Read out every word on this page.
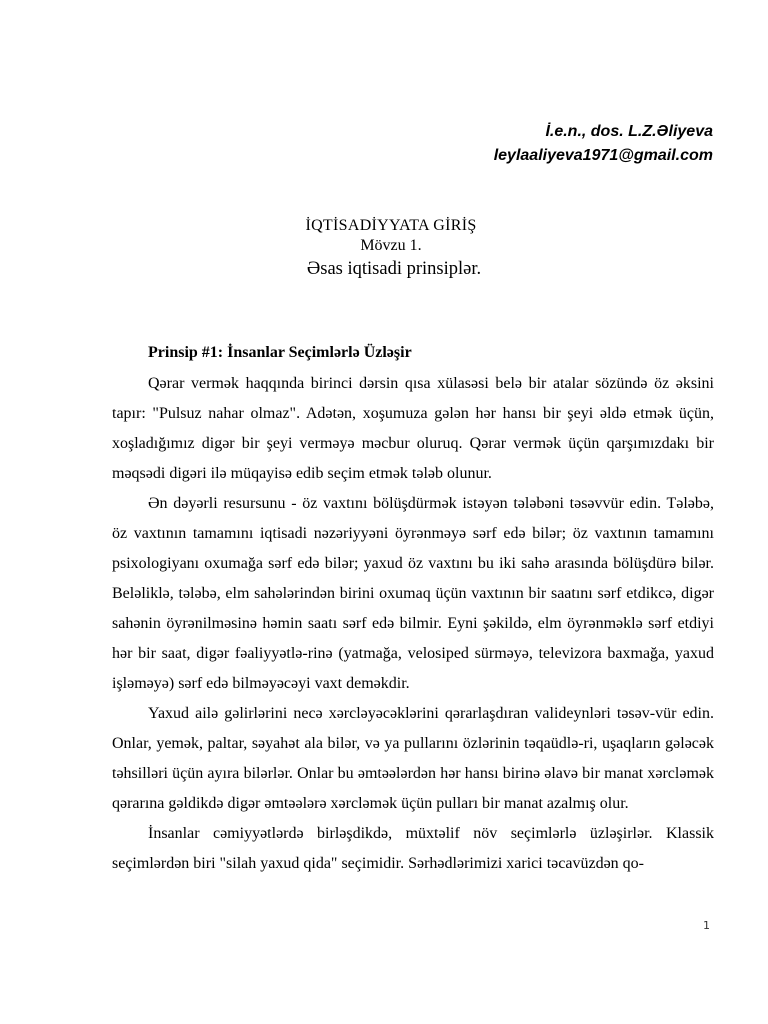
İ.e.n., dos. L.Z.Əliyeva
leylaaliyeva1971@gmail.com
İQTİSADİYYATA GİRİŞ
Mövzu 1.
Əsas iqtisadi prinsiplər.
Prinsip #1: İnsanlar Seçimlərlə Üzləşir

Qərar vermək haqqında birinci dərsin qısa xülasəsi belə bir atalar sözündə öz əksini tapır: "Pulsuz nahar olmaz". Adətən, xoşumuza gələn hər hansı bir şeyi əldə etmək üçün, xoşladığımız digər bir şeyi verməyə məcbur oluruq. Qərar vermək üçün qarşımızdakı bir məqsədi digəri ilə müqayisə edib seçim etmək tələb olunur.

Ən dəyərli resursunu - öz vaxtını bölüşdürmək istəyən tələbəni təsəvvür edin. Tələbə, öz vaxtının tamamını iqtisadi nəzəriyyəni öyrənməyə sərf edə bilər; öz vaxtının tamamını psixologiyanı oxumağa sərf edə bilər; yaxud öz vaxtını bu iki sahə arasında bölüşdürə bilər. Beləliklə, tələbə, elm sahələrindən birini oxumaq üçün vaxtının bir saatını sərf etdikcə, digər sahənin öyrənilməsinə həmin saatı sərf edə bilmir. Eyni şəkildə, elm öyrənməklə sərf etdiyi hər bir saat, digər fəaliyyətlə-rinə (yatmağa, velosiped sürməyə, televizora baxmağa, yaxud işləməyə) sərf edə bilməyəcəyi vaxt deməkdir.

Yaxud ailə gəlirlərini necə xərcləyəcəklərini qərarlaşdıran valideynləri təsəv-vür edin. Onlar, yemək, paltar, səyahət ala bilər, və ya pullarını özlərinin təqaüdlə-ri, uşaqların gələcək təhsilləri üçün ayıra bilərlər. Onlar bu əmtəələrdən hər hansı birinə əlavə bir manat xərcləmək qərarına gəldikdə digər əmtəələrə xərcləmək üçün pulları bir manat azalmış olur.

İnsanlar cəmiyyətlərdə birləşdikdə, müxtəlif növ seçimlərlə üzləşirlər. Klassik seçimlərdən biri "silah yaxud qida" seçimidir. Sərhədlərimizi xarici təcavüzdən qo-

1
